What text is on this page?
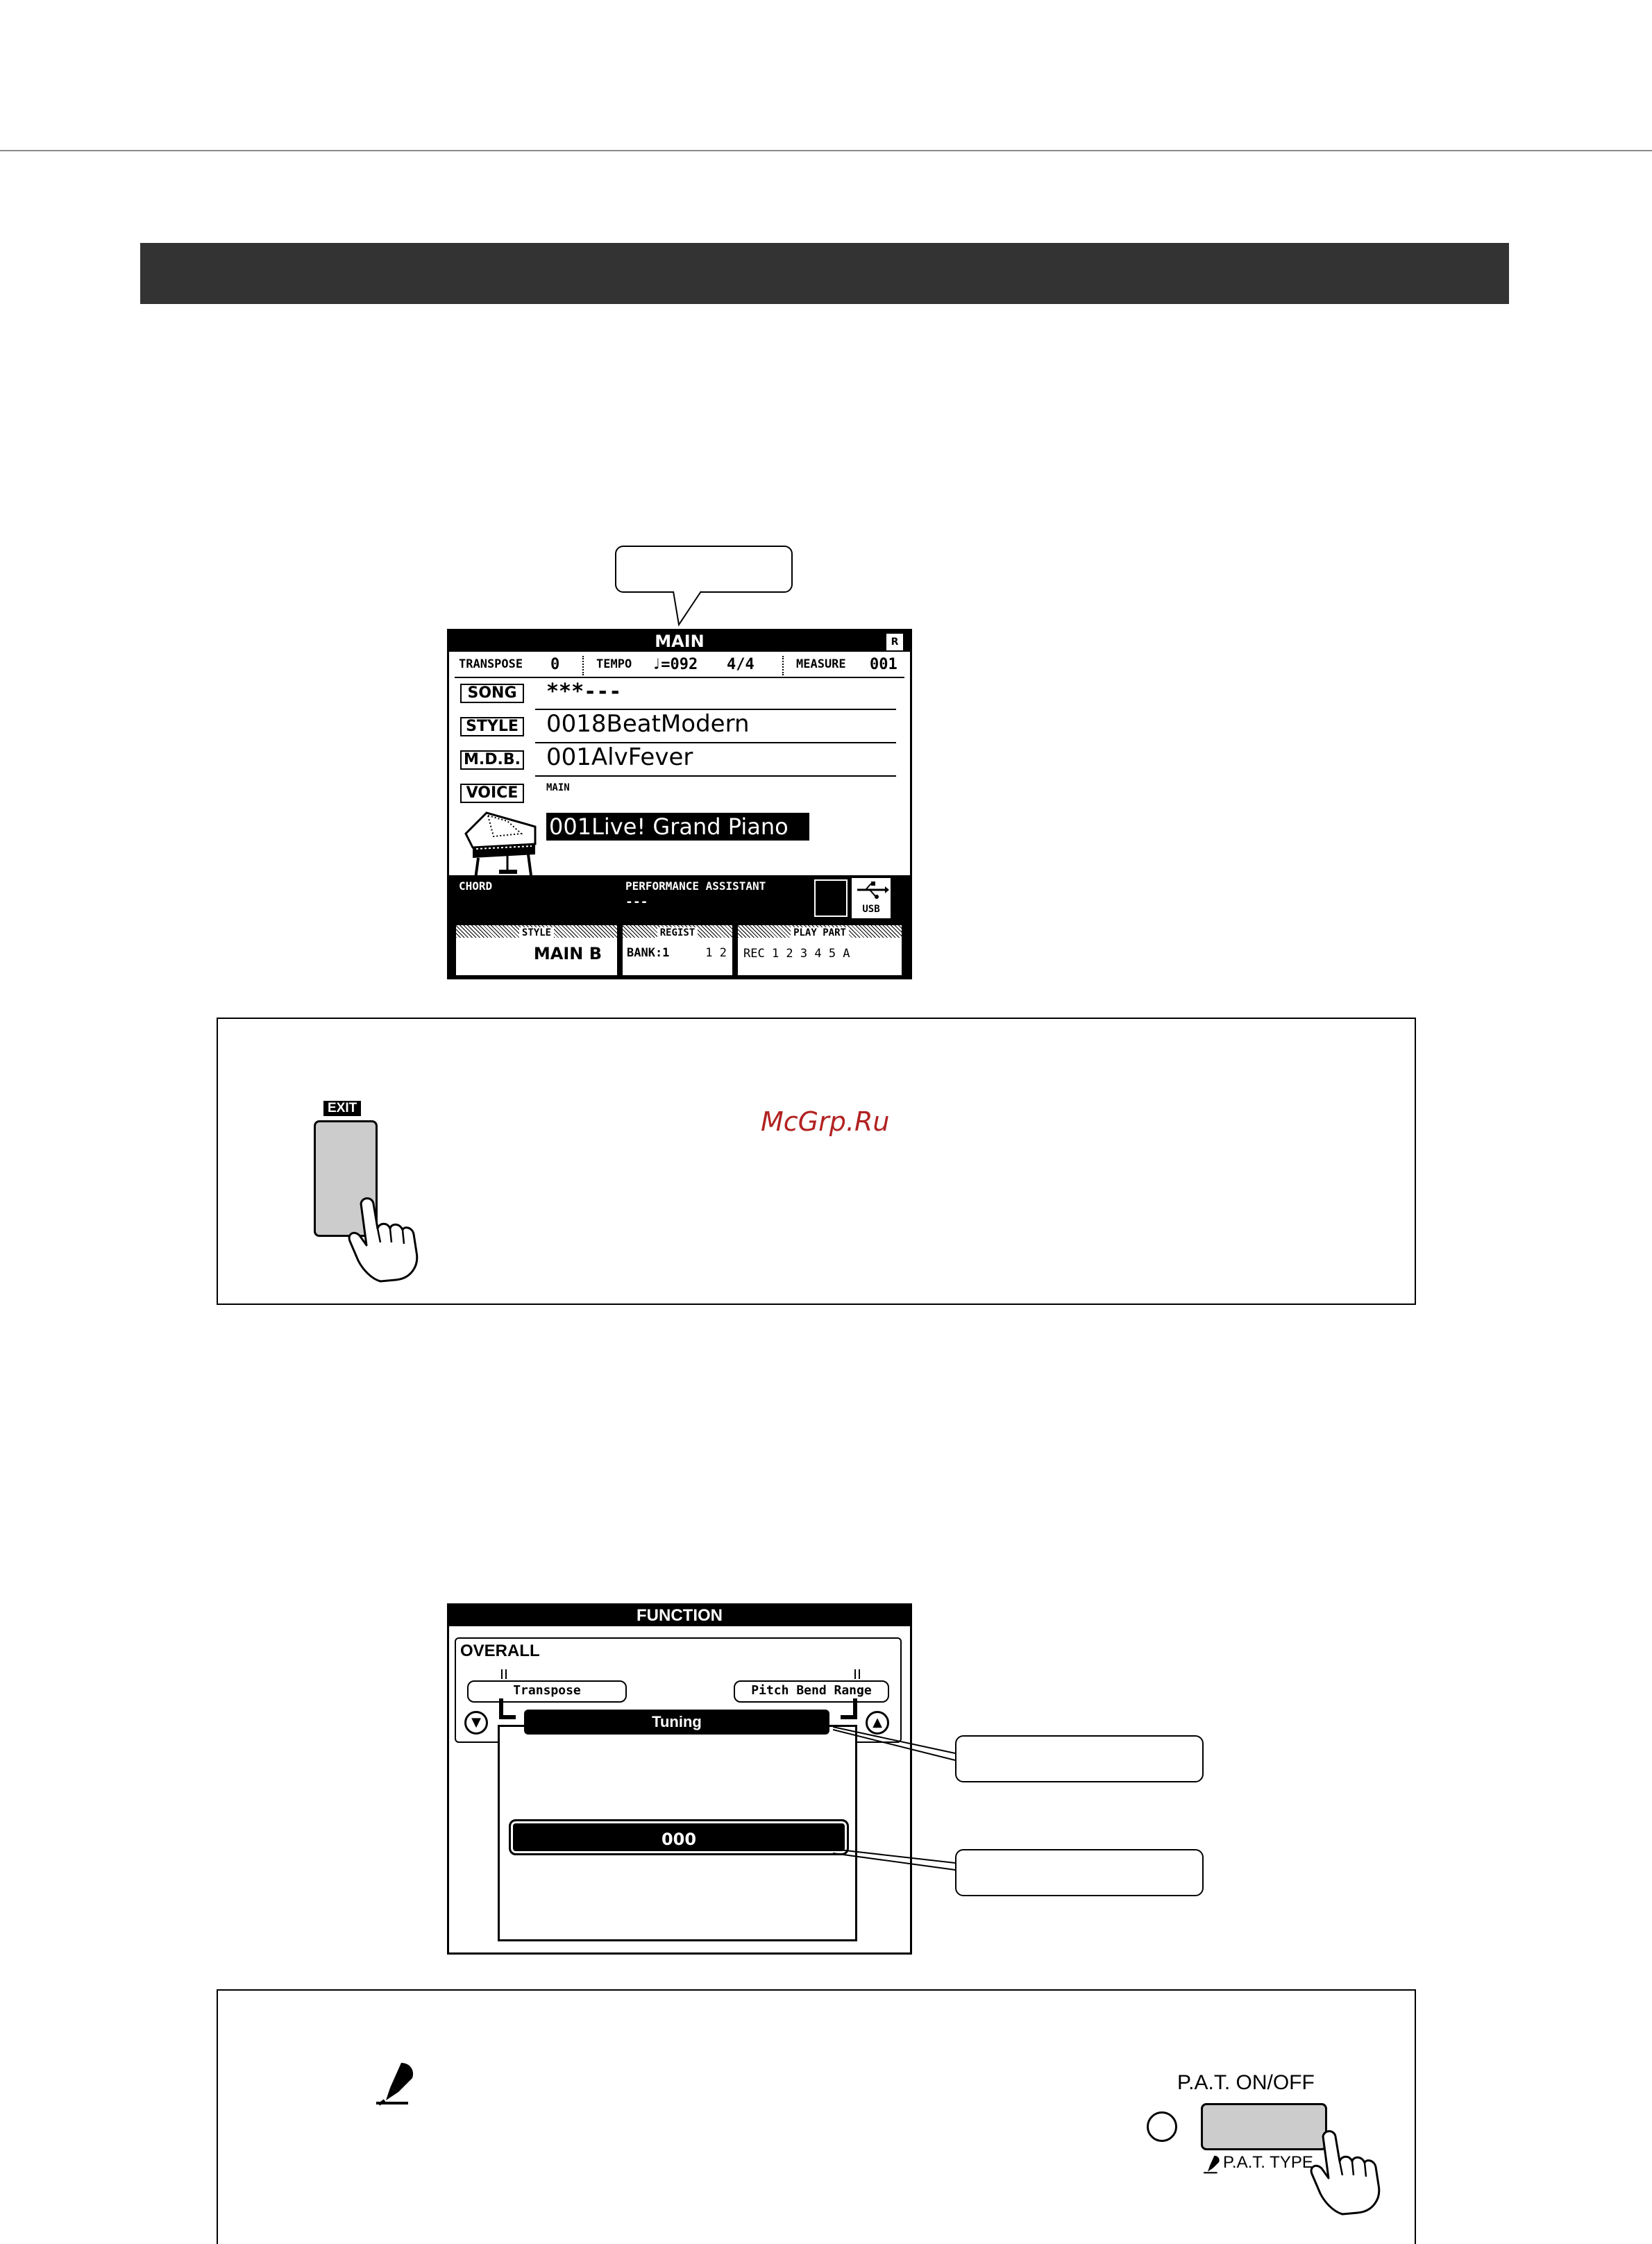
MAIN	R
TRANSPOSE 0	TEMPO ♩=092 4/4	MEASURE 001
SONG	***---
STYLE 0018BeatModern
M.D.B. 001AlvFever
VOICE	MAIN
001Live! Grand Piano
CHORD	PERFORMANCE ASSISTANT
---	USB
STYLE
MAIN B
REGIST
BANK:1	1 2
PLAY PART
REC 1 2 3 4 5 A
EXIT	McGrp.Ru
FUNCTION
OVERALL
Transpose	Pitch Bend Range
▼	▲
Tuning
000
P.A.T. ON/OFF
P.A.T. TYPE
